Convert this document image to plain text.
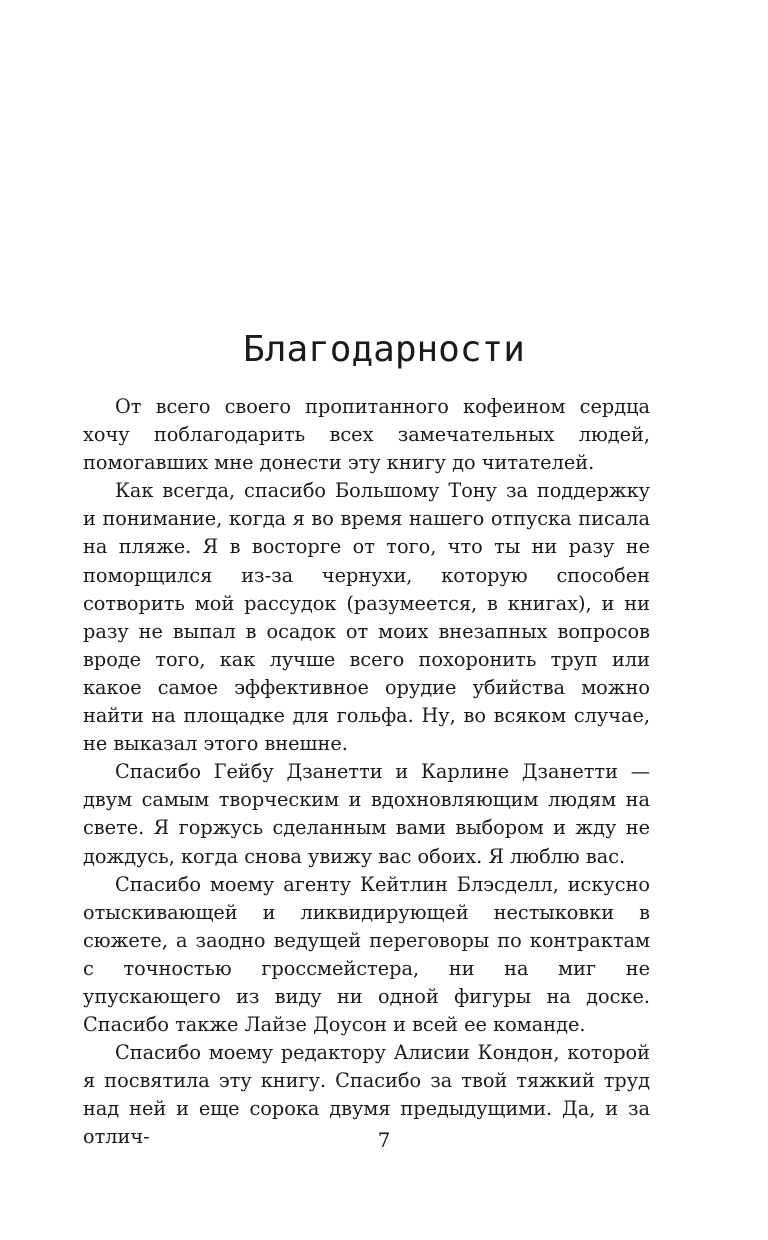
Благодарности

От всего своего пропитанного кофеином сердца хочу поблагодарить всех замечательных людей, помогавших мне донести эту книгу до читателей.

Как всегда, спасибо Большому Тону за поддержку и понимание, когда я во время нашего отпуска писала на пляже. Я в восторге от того, что ты ни разу не поморщился из-за чернухи, которую способен сотворить мой рассудок (разумеется, в книгах), и ни разу не выпал в осадок от моих внезапных вопросов вроде того, как лучше всего похоронить труп или какое самое эффективное орудие убийства можно найти на площадке для гольфа. Ну, во всяком случае, не выказал этого внешне.

Спасибо Гейбу Дзанетти и Карлине Дзанетти — двум самым творческим и вдохновляющим людям на свете. Я горжусь сделанным вами выбором и жду не дождусь, когда снова увижу вас обоих. Я люблю вас.

Спасибо моему агенту Кейтлин Блэсделл, искусно отыскивающей и ликвидирующей нестыковки в сюжете, а заодно ведущей переговоры по контрактам с точностью гроссмейстера, ни на миг не упускающего из виду ни одной фигуры на доске. Спасибо также Лайзе Доусон и всей ее команде.

Спасибо моему редактору Алисии Кондон, которой я посвятила эту книгу. Спасибо за твой тяжкий труд над ней и еще сорока двумя предыдущими. Да, и за отлич-	7
